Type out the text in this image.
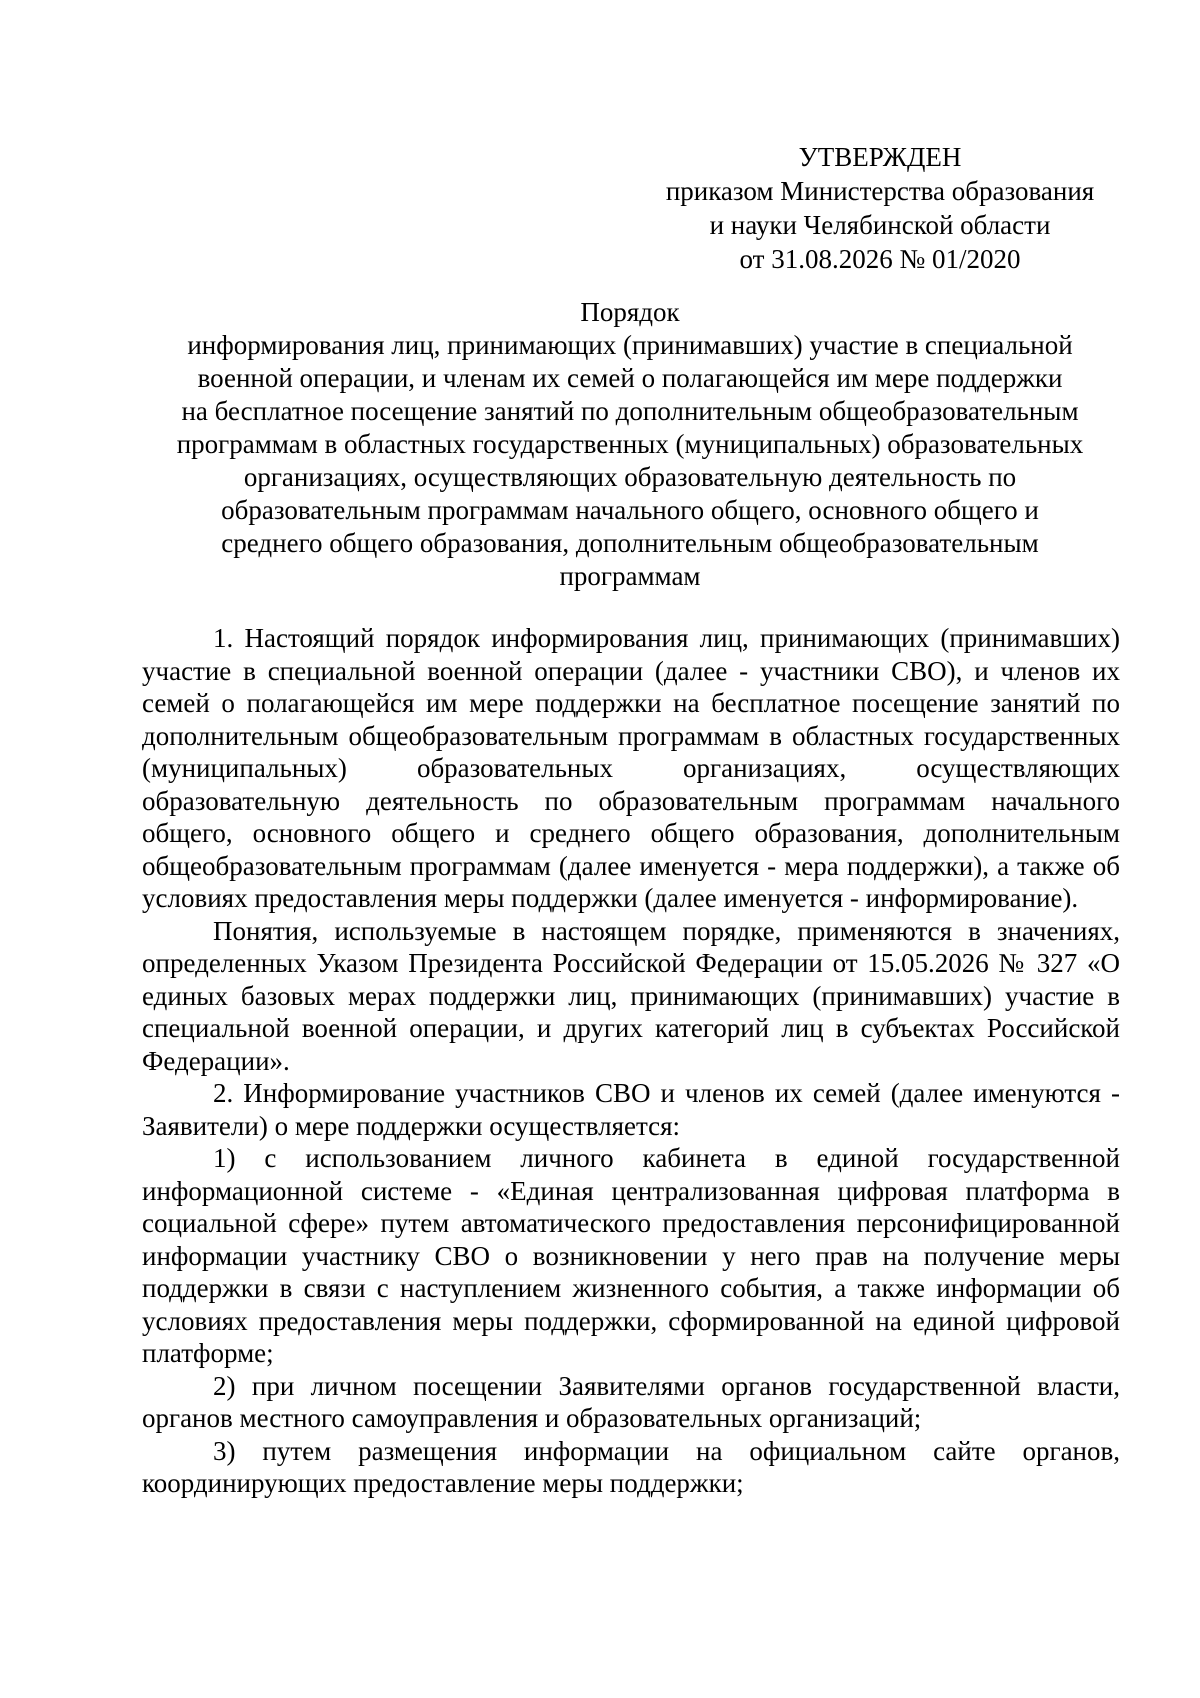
УТВЕРЖДЕН
приказом Министерства образования
и науки Челябинской области
от 31.08.2026 № 01/2020
Порядок
информирования лиц, принимающих (принимавших) участие в специальной
военной операции, и членам их семей о полагающейся им мере поддержки
на бесплатное посещение занятий по дополнительным общеобразовательным
программам в областных государственных (муниципальных) образовательных
организациях, осуществляющих образовательную деятельность по
образовательным программам начального общего, основного общего и
среднего общего образования, дополнительным общеобразовательным
программам

1. Настоящий порядок информирования лиц, принимающих (принимавших) участие в специальной военной операции (далее - участники СВО), и членов их семей о полагающейся им мере поддержки на бесплатное посещение занятий по дополнительным общеобразовательным программам в областных государственных (муниципальных) образовательных организациях, осуществляющих образовательную деятельность по образовательным программам начального общего, основного общего и среднего общего образования, дополнительным общеобразовательным программам (далее именуется - мера поддержки), а также об условиях предоставления меры поддержки (далее именуется - информирование).

Понятия, используемые в настоящем порядке, применяются в значениях, определенных Указом Президента Российской Федерации от 15.05.2026 № 327 «О единых базовых мерах поддержки лиц, принимающих (принимавших) участие в специальной военной операции, и других категорий лиц в субъектах Российской Федерации».

2. Информирование участников СВО и членов их семей (далее именуются - Заявители) о мере поддержки осуществляется:

1) с использованием личного кабинета в единой государственной информационной системе - «Единая централизованная цифровая платформа в социальной сфере» путем автоматического предоставления персонифицированной информации участнику СВО о возникновении у него прав на получение меры поддержки в связи с наступлением жизненного события, а также информации об условиях предоставления меры поддержки, сформированной на единой цифровой платформе;

2) при личном посещении Заявителями органов государственной власти, органов местного самоуправления и образовательных организаций;

3) путем размещения информации на официальном сайте органов, координирующих предоставление меры поддержки;
